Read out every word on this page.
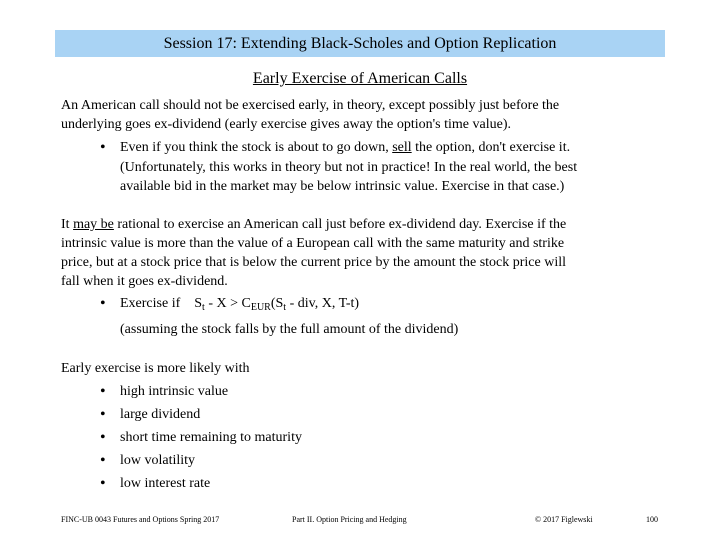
Session 17: Extending Black-Scholes and Option Replication
Early Exercise of American Calls
An American call should not be exercised early, in theory, except possibly just before the
underlying goes ex-dividend (early exercise gives away the option's time value).
• Even if you think the stock is about to go down, sell the option, don't exercise it.
(Unfortunately, this works in theory but not in practice! In the real world, the best
available bid in the market may be below intrinsic value. Exercise in that case.)
It may be rational to exercise an American call just before ex-dividend day. Exercise if the
intrinsic value is more than the value of a European call with the same maturity and strike
price, but at a stock price that is below the current price by the amount the stock price will
fall when it goes ex-dividend.
• Exercise if $S_t - X > C_{EUR}(S_t$ - div, X, T-t)
(assuming the stock falls by the full amount of the dividend)
Early exercise is more likely with
• high intrinsic value
• large dividend
• short time remaining to maturity
• low volatility
• low interest rate
FINC-UB 0043 Futures and Options Spring 2017	Part II. Option Pricing and Hedging	© 2017 Figlewski	100
